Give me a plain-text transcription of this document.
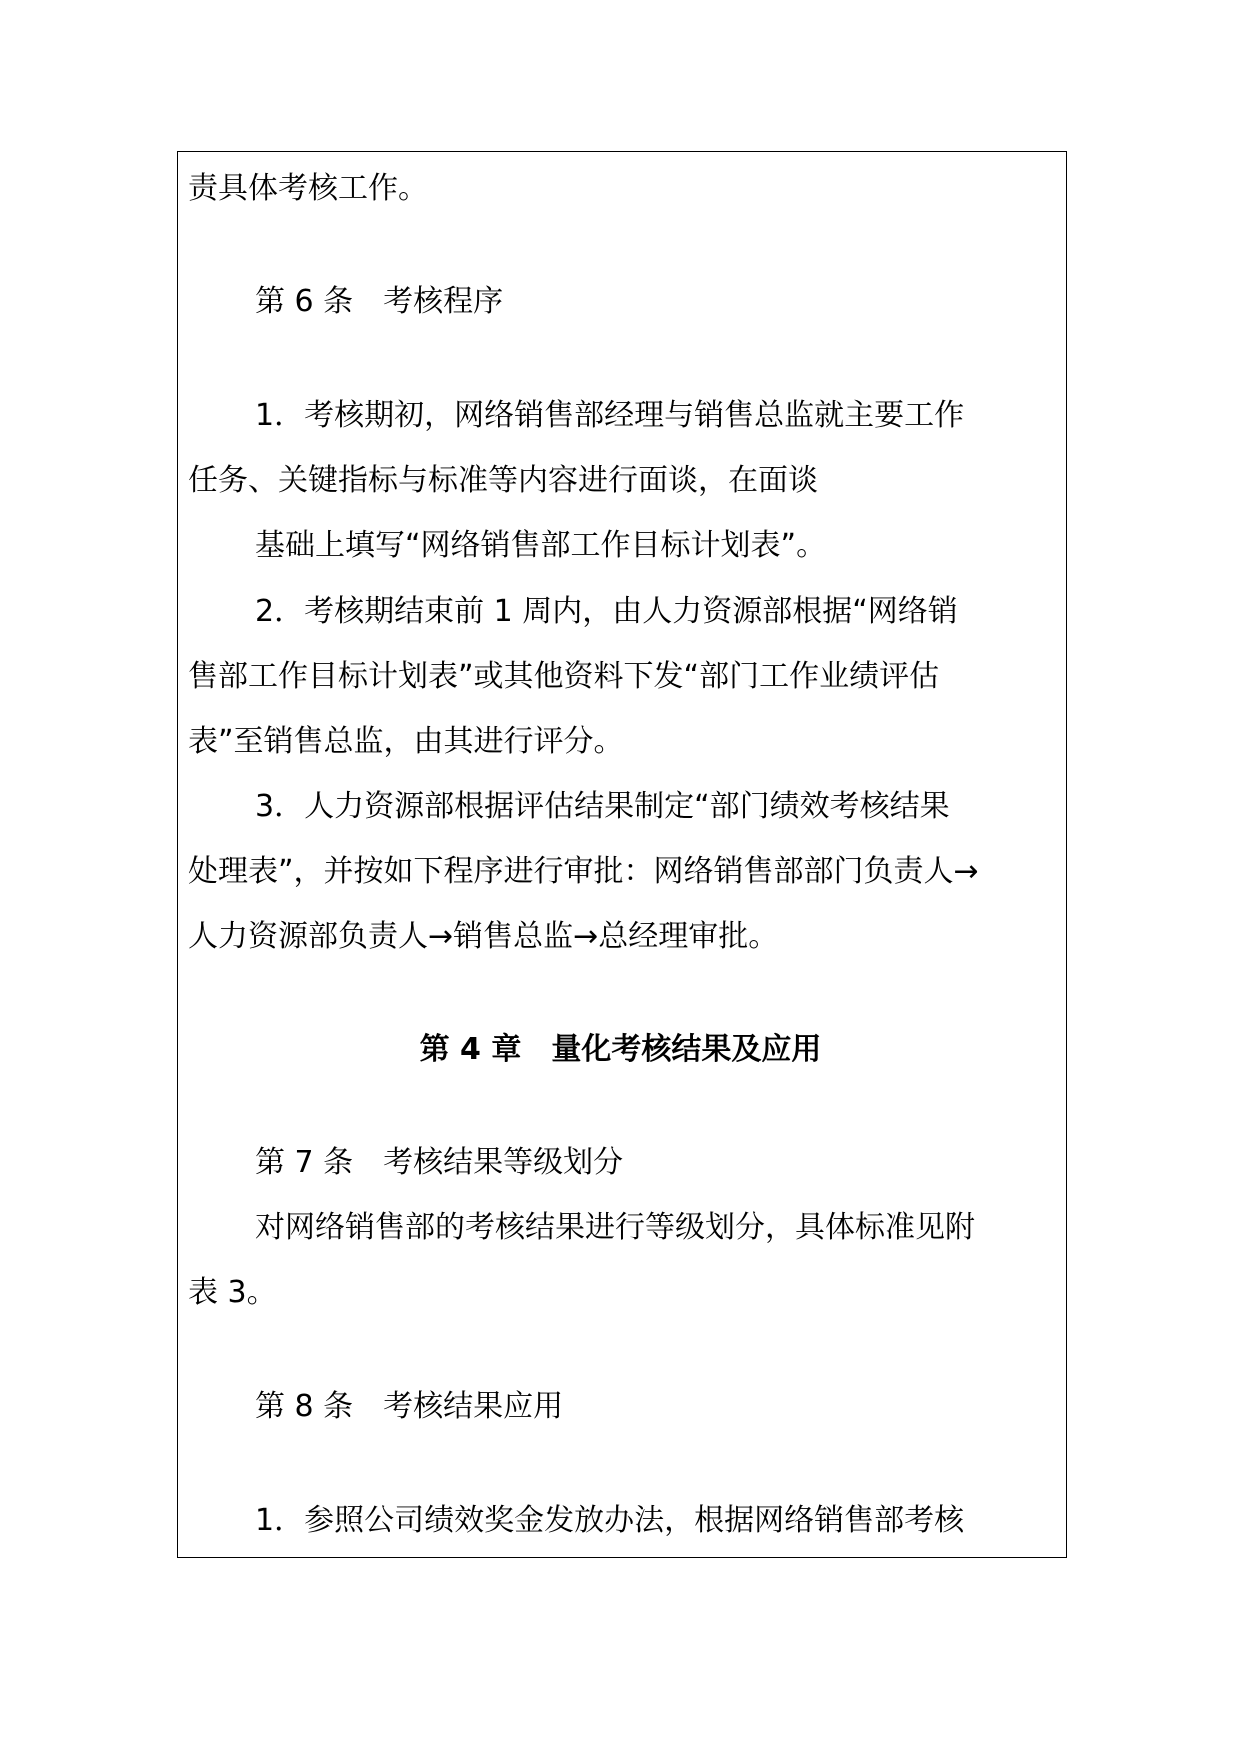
责具体考核工作。
第 6 条　考核程序
1．考核期初，网络销售部经理与销售总监就主要工作
任务、关键指标与标准等内容进行面谈，在面谈
基础上填写“网络销售部工作目标计划表”。
2．考核期结束前 1 周内，由人力资源部根据“网络销
售部工作目标计划表”或其他资料下发“部门工作业绩评估
表”至销售总监，由其进行评分。
3．人力资源部根据评估结果制定“部门绩效考核结果
处理表”，并按如下程序进行审批：网络销售部部门负责人→
人力资源部负责人→销售总监→总经理审批。
第 4 章　量化考核结果及应用
第 7 条　考核结果等级划分
对网络销售部的考核结果进行等级划分，具体标准见附
表 3。
第 8 条　考核结果应用
1．参照公司绩效奖金发放办法，根据网络销售部考核
